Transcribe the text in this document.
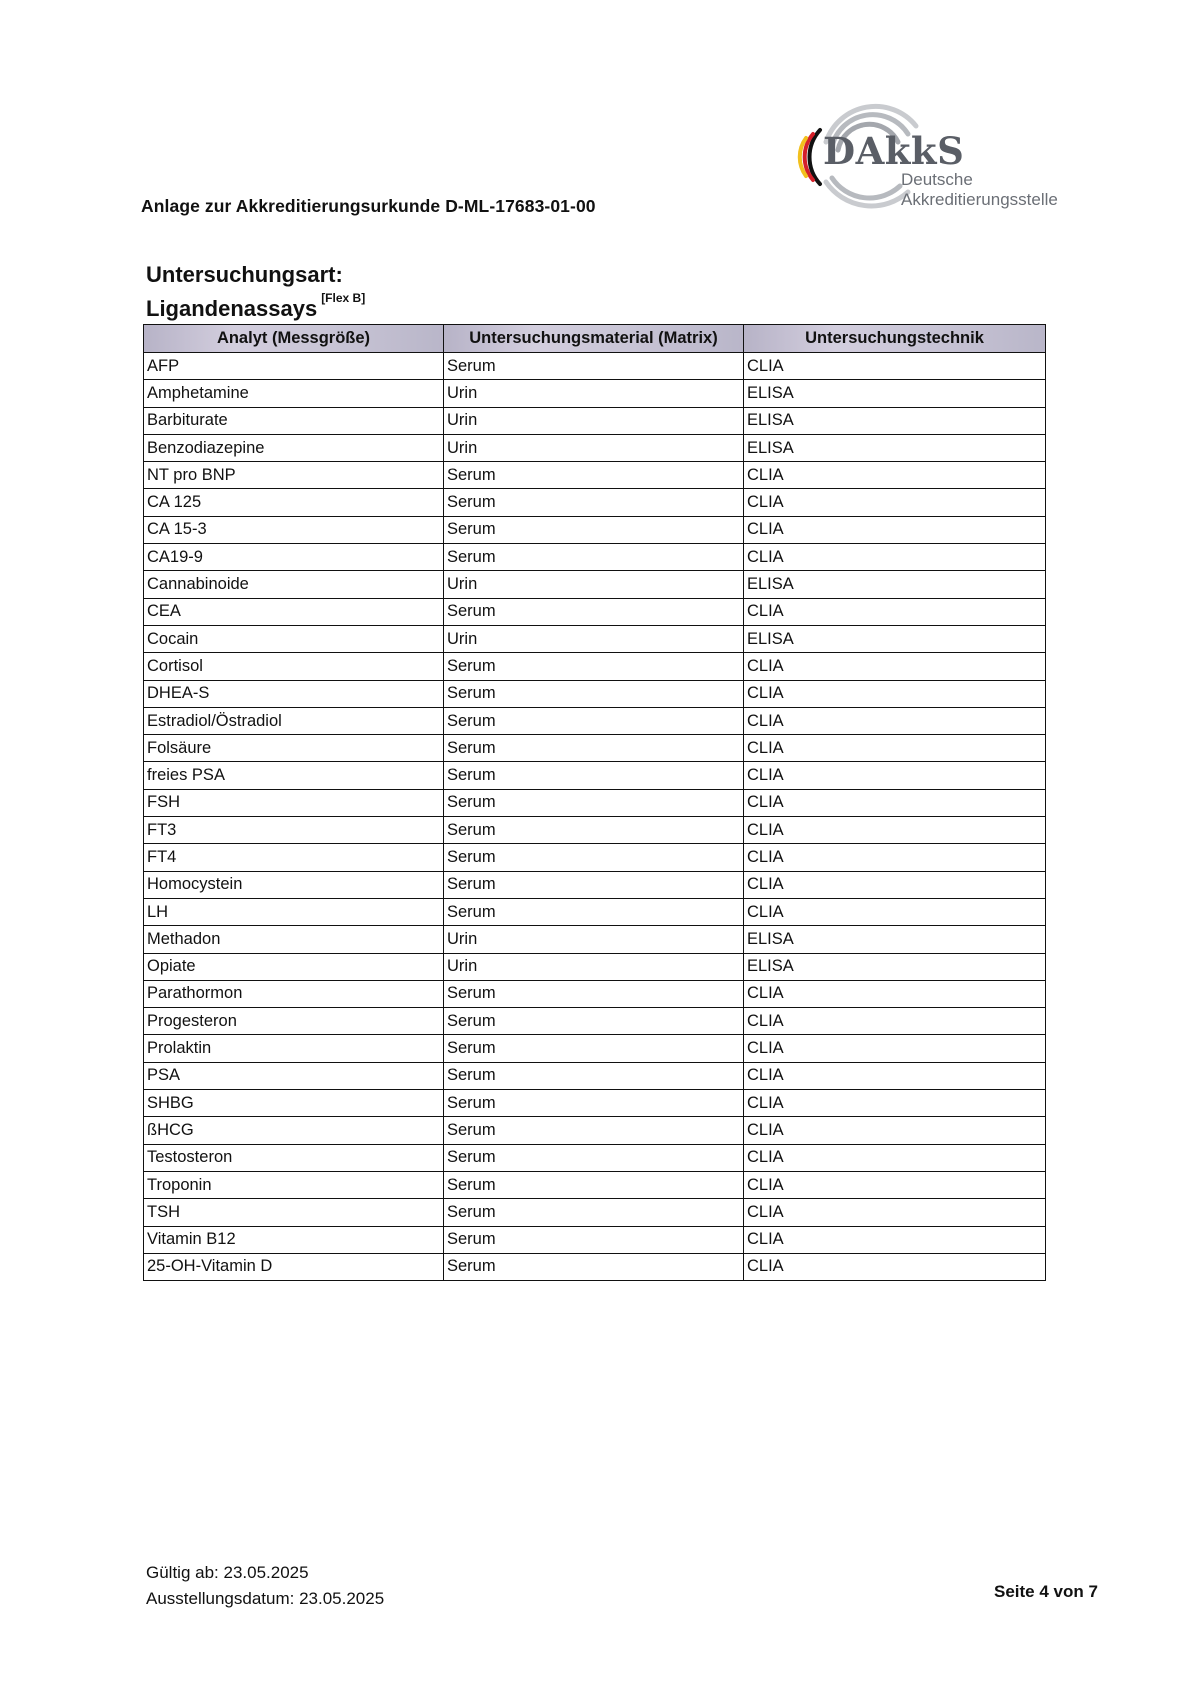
Anlage zur Akkreditierungsurkunde D-ML-17683-01-00
DAkkS
Deutsche
Akkreditierungsstelle
Untersuchungsart:
Ligandenassays [Flex B]
Analyt (Messgröße)	Untersuchungsmaterial (Matrix)	Untersuchungstechnik
AFP	Serum	CLIA
Amphetamine	Urin	ELISA
Barbiturate	Urin	ELISA
Benzodiazepine	Urin	ELISA
NT pro BNP	Serum	CLIA
CA 125	Serum	CLIA
CA 15-3	Serum	CLIA
CA19-9	Serum	CLIA
Cannabinoide	Urin	ELISA
CEA	Serum	CLIA
Cocain	Urin	ELISA
Cortisol	Serum	CLIA
DHEA-S	Serum	CLIA
Estradiol/Östradiol	Serum	CLIA
Folsäure	Serum	CLIA
freies PSA	Serum	CLIA
FSH	Serum	CLIA
FT3	Serum	CLIA
FT4	Serum	CLIA
Homocystein	Serum	CLIA
LH	Serum	CLIA
Methadon	Urin	ELISA
Opiate	Urin	ELISA
Parathormon	Serum	CLIA
Progesteron	Serum	CLIA
Prolaktin	Serum	CLIA
PSA	Serum	CLIA
SHBG	Serum	CLIA
ßHCG	Serum	CLIA
Testosteron	Serum	CLIA
Troponin	Serum	CLIA
TSH	Serum	CLIA
Vitamin B12	Serum	CLIA
25-OH-Vitamin D	Serum	CLIA
Gültig ab: 23.05.2025
Ausstellungsdatum: 23.05.2025	Seite 4 von 7
